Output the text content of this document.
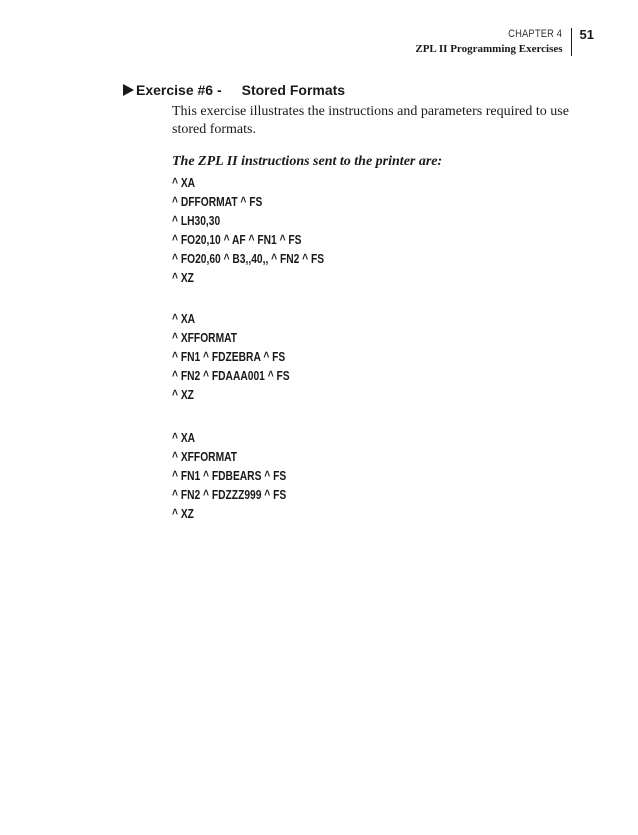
CHAPTER 4
ZPL II Programming Exercises
51
Exercise #6 - Stored Formats

This exercise illustrates the instructions and parameters required to use stored formats.

The ZPL II instructions sent to the printer are:

^ XA
^ DFFORMAT ^ FS
^ LH30,30
^ FO20,10 ^ AF ^ FN1 ^ FS
^ FO20,60 ^ B3,,40,, ^ FN2 ^ FS
^ XZ
^ XA
^ XFFORMAT
^ FN1 ^ FDZEBRA ^ FS
^ FN2 ^ FDAAA001 ^ FS
^ XZ
^ XA
^ XFFORMAT
^ FN1 ^ FDBEARS ^ FS
^ FN2 ^ FDZZZ999 ^ FS
^ XZ
